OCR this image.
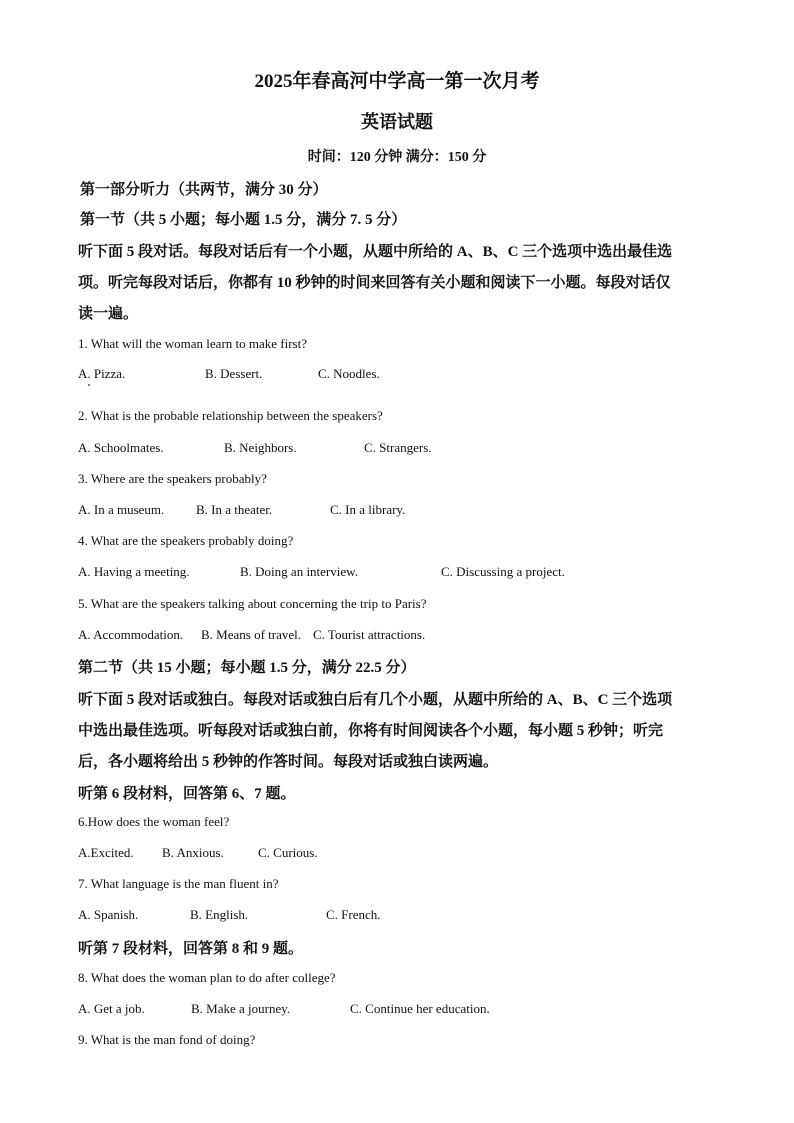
2025年春高河中学高一第一次月考
英语试题
时间：120 分钟 满分：150 分
第一部分听力（共两节，满分 30 分）
第一节（共 5 小题；每小题 1.5 分，满分 7. 5 分）
听下面 5 段对话。每段对话后有一个小题，从题中所给的 A、B、C 三个选项中选出最佳选
项。听完每段对话后，你都有 10 秒钟的时间来回答有关小题和阅读下一小题。每段对话仅
读一遍。
1. What will the woman learn to make first?
A. Pizza.	B. Dessert.	C. Noodles.
2. What is the probable relationship between the speakers?
A. Schoolmates.	B. Neighbors.	C. Strangers.
3. Where are the speakers probably?
A. In a museum. B. In a theater.	C. In a library.
4. What are the speakers probably doing?
A. Having a meeting.	B. Doing an interview.	C. Discussing a project.
5. What are the speakers talking about concerning the trip to Paris?
A. Accommodation. B. Means of travel. C. Tourist attractions.
第二节（共 15 小题；每小题 1.5 分，满分 22.5 分）
听下面 5 段对话或独白。每段对话或独白后有几个小题，从题中所给的 A、B、C 三个选项
中选出最佳选项。听每段对话或独白前，你将有时间阅读各个小题，每小题 5 秒钟；听完
后，各小题将给出 5 秒钟的作答时间。每段对话或独白读两遍。
听第 6 段材料，回答第 6、7 题。
6.How does the woman feel?
A.Excited. B. Anxious.	C. Curious.
7. What language is the man fluent in?
A. Spanish.	B. English.	C. French.
听第 7 段材料，回答第 8 和 9 题。
8. What does the woman plan to do after college?
A. Get a job.	B. Make a journey.	C. Continue her education.
9. What is the man fond of doing?
